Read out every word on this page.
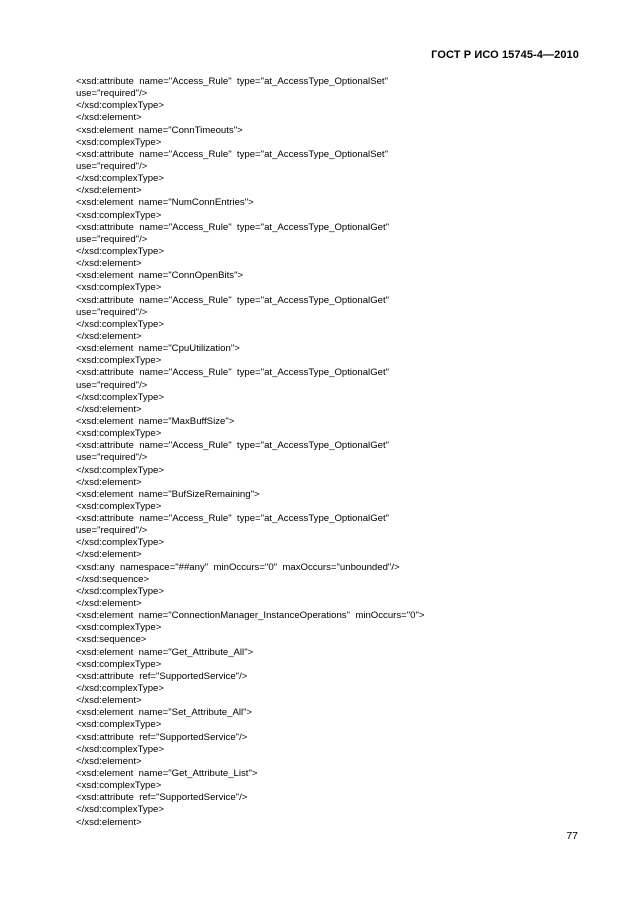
ГОСТ Р ИСО 15745-4—2010
<xsd:attribute  name="Access_Rule"  type="at_AccessType_OptionalSet"
use="required"/>
</xsd:complexType>
</xsd:element>
<xsd:element  name="ConnTimeouts">
<xsd:complexType>
<xsd:attribute  name="Access_Rule"  type="at_AccessType_OptionalSet"
use="required"/>
</xsd:complexType>
</xsd:element>
<xsd:element  name="NumConnEntries">
<xsd:complexType>
<xsd:attribute  name="Access_Rule"  type="at_AccessType_OptionalGet"
use="required"/>
</xsd:complexType>
</xsd:element>
<xsd:element  name="ConnOpenBits">
<xsd:complexType>
<xsd:attribute  name="Access_Rule"  type="at_AccessType_OptionalGet"
use="required"/>
</xsd:complexType>
</xsd:element>
<xsd:element  name="CpuUtilization">
<xsd:complexType>
<xsd:attribute  name="Access_Rule"  type="at_AccessType_OptionalGet"
use="required"/>
</xsd:complexType>
</xsd:element>
<xsd:element  name="MaxBuffSize">
<xsd:complexType>
<xsd:attribute  name="Access_Rule"  type="at_AccessType_OptionalGet"
use="required"/>
</xsd:complexType>
</xsd:element>
<xsd:element  name="BufSizeRemaining">
<xsd:complexType>
<xsd:attribute  name="Access_Rule"  type="at_AccessType_OptionalGet"
use="required"/>
</xsd:complexType>
</xsd:element>
<xsd:any  namespace="##any"  minOccurs="0"  maxOccurs="unbounded"/>
</xsd:sequence>
</xsd:complexType>
</xsd:element>
<xsd:element  name="ConnectionManager_InstanceOperations"  minOccurs="0">
<xsd:complexType>
<xsd:sequence>
<xsd:element  name="Get_Attribute_All">
<xsd:complexType>
<xsd:attribute  ref="SupportedService"/>
</xsd:complexType>
</xsd:element>
<xsd:element  name="Set_Attribute_All">
<xsd:complexType>
<xsd:attribute  ref="SupportedService"/>
</xsd:complexType>
</xsd:element>
<xsd:element  name="Get_Attribute_List">
<xsd:complexType>
<xsd:attribute  ref="SupportedService"/>
</xsd:complexType>
</xsd:element>
77
